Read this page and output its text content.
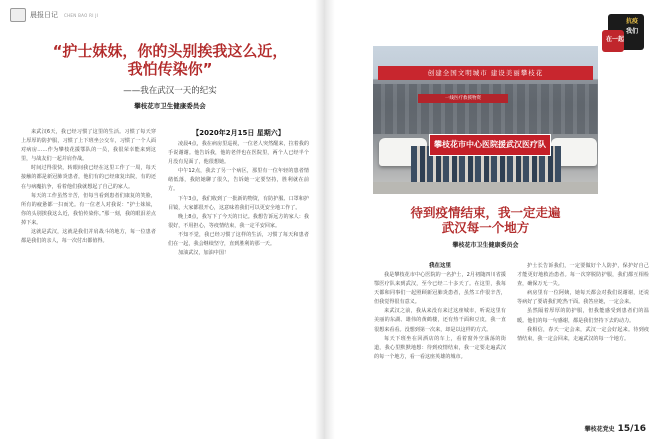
晨报日记 CHEN BAO RI JI
“护士妹妹，你的头别挨我这么近，
我怕传染你”
——我在武汉一天的纪实
攀枝花市卫生健康委员会

来武汉6天，我已经习惯了这里的生活。习惯了每天穿上厚厚的防护服，习惯了上下班坐公交车，习惯了一个人面对病房……作为攀枝花援鄂队的一员，我很荣幸能来到这里，与战友们一起并肩作战。

时间过得很快，转眼间我已经在这里工作了一周，每天接触的都是新冠肺炎患者，他们有的已经康复出院，有的还在与病魔抗争，看着他们我就想起了自己的家人。

每天的工作虽然辛苦，但每当看到患者们康复的笑脸，所有的疲惫都一扫而光。有一位老人对我说：“护士妹妹，你的头别挨我这么近，我怕传染你。”那一刻，我的眼泪差点掉下来。

这就是武汉，这就是我们并肩战斗的地方，每一位患者都是我们的亲人，每一次付出都值得。

【2020年2月15日 星期六】

凌晨4点，我在病房里巡视，一位老人突然醒来，拉着我的手说谢谢。他告诉我，他的老伴也在医院里，两个人已经半个月没有见面了，他很想她。

中午12点，我去了另一个病区，那里有一位年轻的患者情绪低落，我陪她聊了很久，告诉她一定要坚持，胜利就在前方。

下午3点，我们收到了一批新的物资，有防护服、口罩和护目镜，大家都很开心，这意味着我们可以更安全地工作了。

晚上8点，我写下了今天的日记。我想告诉远方的家人：我很好，不用担心，等疫情结束，我一定平安回家。

不知不觉，我已经习惯了这样的生活，习惯了每天和患者们在一起，我会继续坚守，直到胜利的那一天。

加油武汉，加油中国！

抗疫
我们
在一起
创建全国文明城市 建设美丽攀枝花
一线医疗救援物资
攀枝花市中心医院援武汉医疗队
待到疫情结束，我一定走遍
武汉每一个地方
攀枝花市卫生健康委员会
我在这里

我是攀枝花市中心医院的一名护士，2月初随四川省援鄂医疗队来到武汉，至今已经二十多天了。在这里，我每天都和同事们一起照顾新冠肺炎患者，虽然工作很辛苦，但我觉得很有意义。

来武汉之前，我从来没有来过这座城市，听说这里有美丽的东湖、雄伟的黄鹤楼，还有热干面和豆皮，我一直很想来看看。没想到第一次来，却是以这样的方式。

每天下班坐在回酒店的车上，看着窗外空荡荡的街道，我心里默默地想：待到疫情结束，我一定要走遍武汉的每一个地方，看一看这座英雄的城市。

护士长告诉我们，一定要做好个人防护，保护好自己才能更好地救治患者。每一次穿脱防护服，我们都互相检查，确保万无一失。

病房里有一位阿姨，她每天都会对我们说谢谢，还说等病好了要请我们吃热干面。我答应她，一定会来。

虽然隔着厚厚的防护服，但我能感受到患者们的温暖。他们的每一句感谢，都是我们坚持下去的动力。

我相信，春天一定会来，武汉一定会好起来。待到疫情结束，我一定会回来，走遍武汉的每一个地方。

攀枝花党史 15/16
